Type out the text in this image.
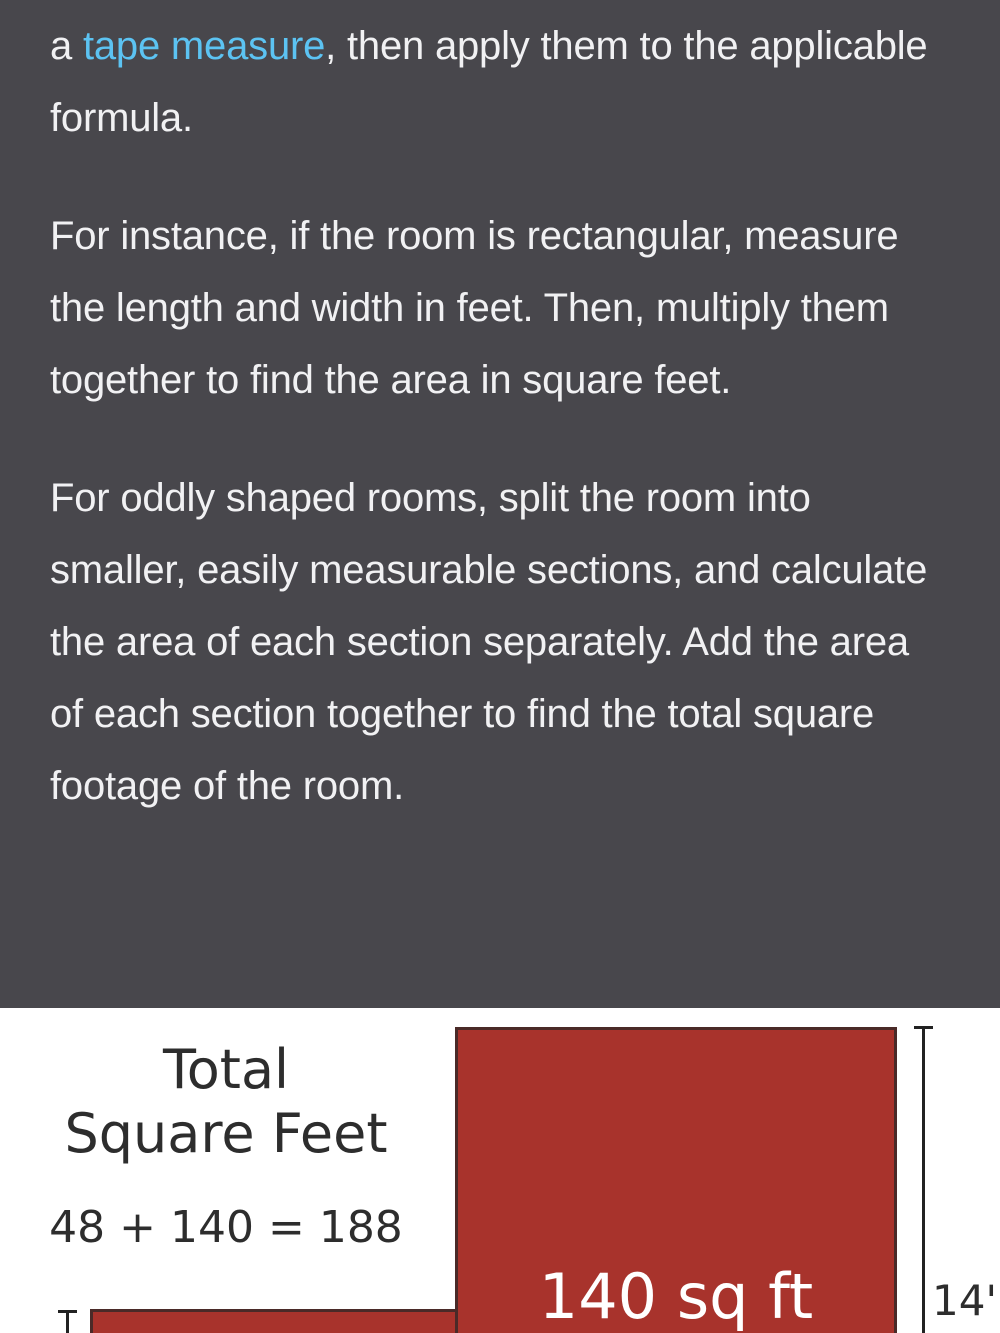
a tape measure, then apply them to the applicable formula.

For instance, if the room is rectangular, measure the length and width in feet. Then, multiply them together to find the area in square feet.

For oddly shaped rooms, split the room into smaller, easily measurable sections, and calculate the area of each section separately. Add the area of each section together to find the total square footage of the room.

Total

Square Feet
48 + 140 = 188
140 sq ft	14'
